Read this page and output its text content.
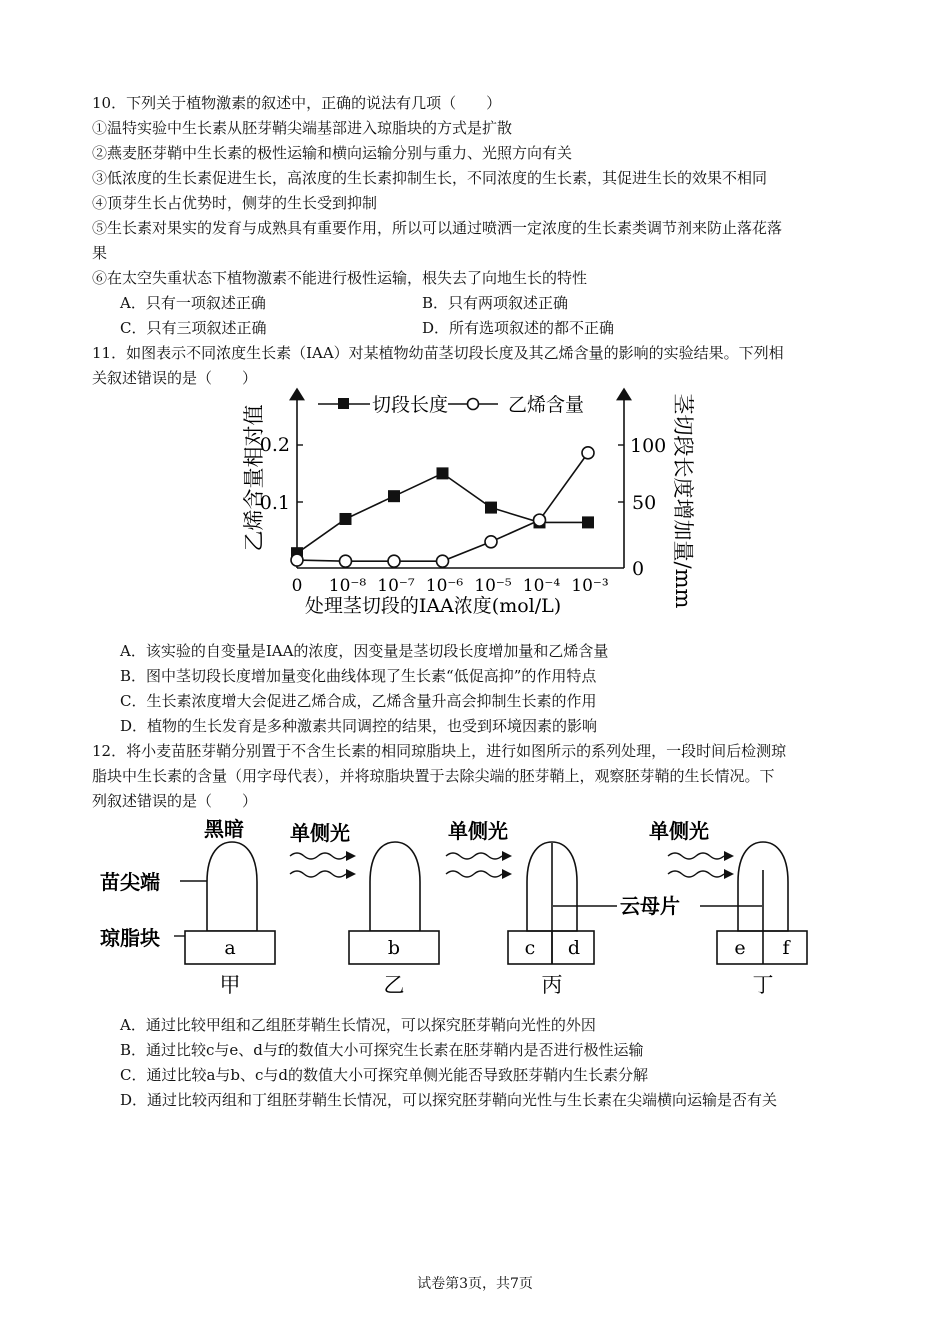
10．下列关于植物激素的叙述中，正确的说法有几项（　　）
①温特实验中生长素从胚芽鞘尖端基部进入琼脂块的方式是扩散
②燕麦胚芽鞘中生长素的极性运输和横向运输分别与重力、光照方向有关
③低浓度的生长素促进生长，高浓度的生长素抑制生长，不同浓度的生长素，其促进生长的效果不相同
④顶芽生长占优势时，侧芽的生长受到抑制
⑤生长素对果实的发育与成熟具有重要作用，所以可以通过喷洒一定浓度的生长素类调节剂来防止落花落
果
⑥在太空失重状态下植物激素不能进行极性运输，根失去了向地生长的特性
A．只有一项叙述正确	B．只有两项叙述正确
C．只有三项叙述正确	D．所有选项叙述的都不正确
11．如图表示不同浓度生长素（IAA）对某植物幼苗茎切段长度及其乙烯含量的影响的实验结果。下列相
关叙述错误的是（　　）
0.2
0.1
100
50
0
乙烯含量相对值	茎切段长度增加量/mm
处理茎切段的IAA浓度(mol/L)
0 10⁻⁸ 10⁻⁷ 10⁻⁶ 10⁻⁵ 10⁻⁴ 10⁻³
切段长度	乙烯含量
A．该实验的自变量是IAA的浓度，因变量是茎切段长度增加量和乙烯含量
B．图中茎切段长度增加量变化曲线体现了生长素“低促高抑”的作用特点
C．生长素浓度增大会促进乙烯合成，乙烯含量升高会抑制生长素的作用
D．植物的生长发育是多种激素共同调控的结果，也受到环境因素的影响
12．将小麦苗胚芽鞘分别置于不含生长素的相同琼脂块上，进行如图所示的系列处理，一段时间后检测琼
脂块中生长素的含量（用字母代表），并将琼脂块置于去除尖端的胚芽鞘上，观察胚芽鞘的生长情况。下
列叙述错误的是（　　）
黑暗 单侧光	单侧光	单侧光
苗尖端
琼脂块	a
甲
b
乙
c d
丙
e f
丁
云母片
A．通过比较甲组和乙组胚芽鞘生长情况，可以探究胚芽鞘向光性的外因
B．通过比较c与e、d与f的数值大小可探究生长素在胚芽鞘内是否进行极性运输
C．通过比较a与b、c与d的数值大小可探究单侧光能否导致胚芽鞘内生长素分解
D．通过比较丙组和丁组胚芽鞘生长情况，可以探究胚芽鞘向光性与生长素在尖端横向运输是否有关
试卷第3页，共7页
